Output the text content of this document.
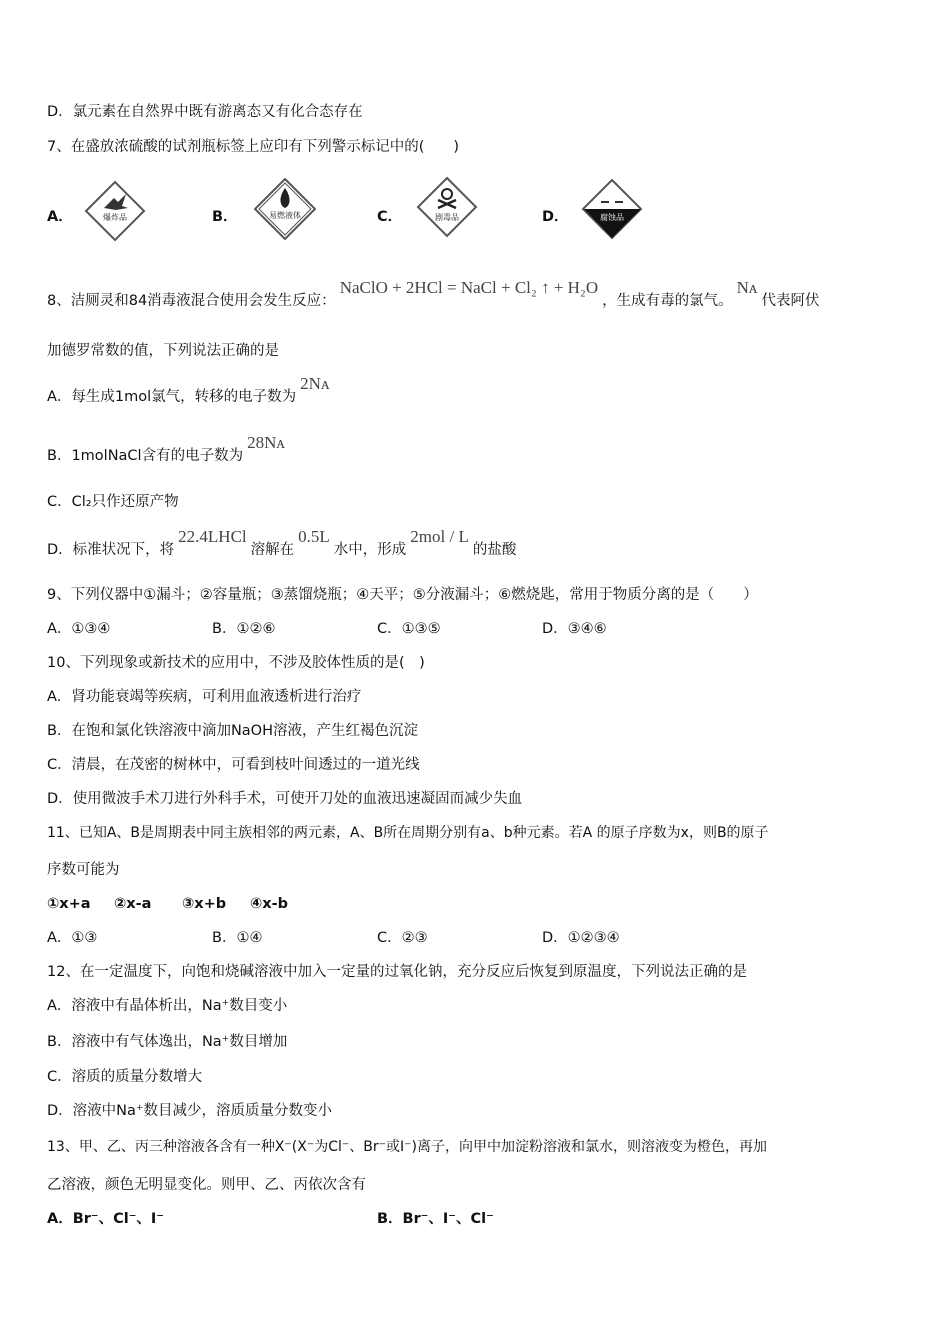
D．氯元素在自然界中既有游离态又有化合态存在
7、在盛放浓硫酸的试剂瓶标签上应印有下列警示标记中的(　　)
A．	B．	C．	D．
爆炸品	易燃液体	剧毒品	腐蚀品
8、洁厕灵和84消毒液混合使用会发生反应：NaClO + 2HCl = NaCl + Cl₂ ↑ + H₂O，生成有毒的氯气。Nᴀ代表阿伏
加德罗常数的值，下列说法正确的是
A．每生成1mol氯气，转移的电子数为2Nᴀ
B．1molNaCl含有的电子数为28Nᴀ
C．Cl₂只作还原产物
D．标准状况下，将22.4LHCl溶解在0.5L水中，形成2mol / L的盐酸
9、下列仪器中①漏斗；②容量瓶；③蒸馏烧瓶；④天平；⑤分液漏斗；⑥燃烧匙，常用于物质分离的是（　　）
A．①③④	B．①②⑥	C．①③⑤	D．③④⑥
10、下列现象或新技术的应用中，不涉及胶体性质的是(　)
A．肾功能衰竭等疾病，可利用血液透析进行治疗
B．在饱和氯化铁溶液中滴加NaOH溶液，产生红褐色沉淀
C．清晨，在茂密的树林中，可看到枝叶间透过的一道光线
D．使用微波手术刀进行外科手术，可使开刀处的血液迅速凝固而减少失血
11、已知A、B是周期表中同主族相邻的两元素，A、B所在周期分别有a、b种元素。若A 的原子序数为x，则B的原子
序数可能为
①x+a ②x-a ③x+b ④x-b
A．①③	B．①④	C．②③	D．①②③④
12、在一定温度下，向饱和烧碱溶液中加入一定量的过氧化钠，充分反应后恢复到原温度，下列说法正确的是
A．溶液中有晶体析出，Na⁺数目变小
B．溶液中有气体逸出，Na⁺数目增加
C．溶质的质量分数增大
D．溶液中Na⁺数目减少，溶质质量分数变小
13、甲、乙、丙三种溶液各含有一种X⁻(X⁻为Cl⁻、Br⁻或I⁻)离子，向甲中加淀粉溶液和氯水，则溶液变为橙色，再加
乙溶液，颜色无明显变化。则甲、乙、丙依次含有
A．Br⁻、Cl⁻、I⁻	B．Br⁻、I⁻、Cl⁻
